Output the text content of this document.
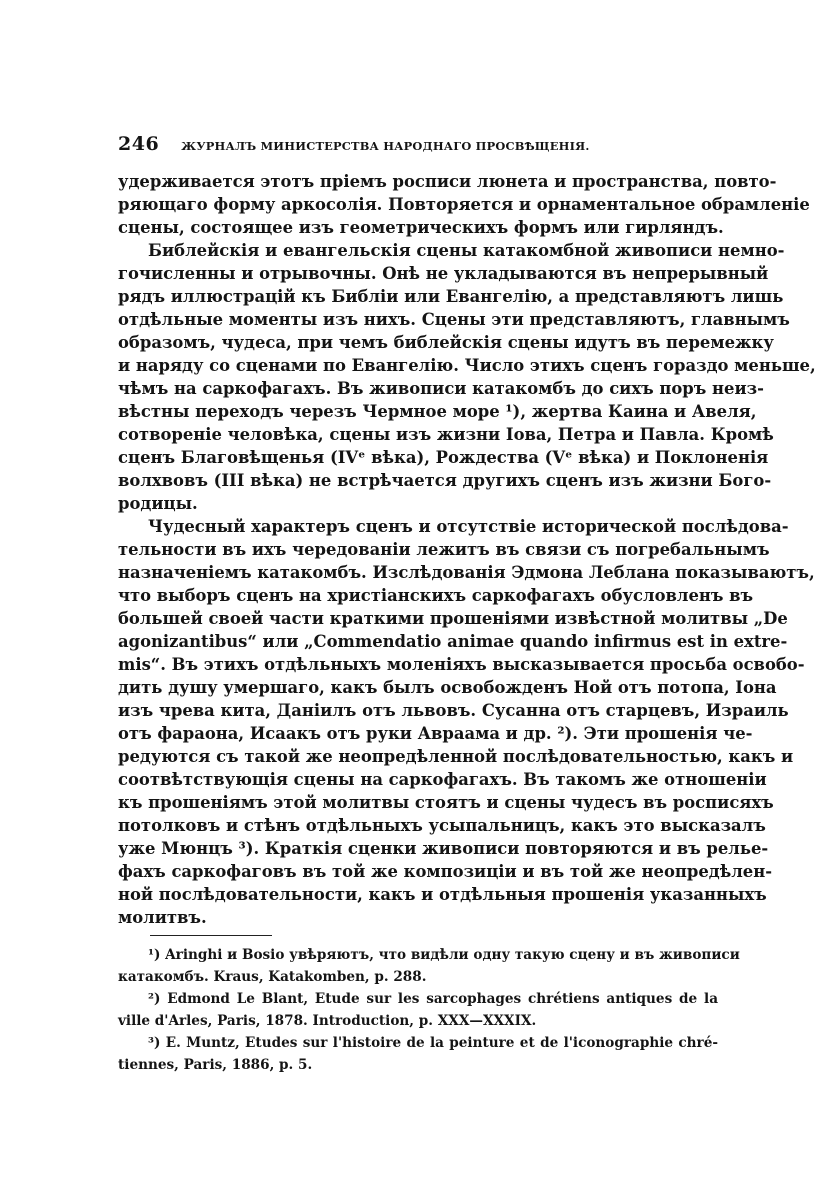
246 ЖУРНАЛЪ МИНИСТЕРСТВА НАРОДНАГО ПРОСВѢЩЕНІЯ.
удерживается этотъ пріемъ росписи люнета и пространства, повто-
ряющаго форму аркосолія. Повторяется и орнаментальное обрамленіе
сцены, состоящее изъ геометрическихъ формъ или гирляндъ.
Библейскія и евангельскія сцены катакомбной живописи немно-
гочисленны и отрывочны. Онѣ не укладываются въ непрерывный
рядъ иллюстрацій къ Библіи или Евангелію, а представляютъ лишь
отдѣльные моменты изъ нихъ. Сцены эти представляютъ, главнымъ
образомъ, чудеса, при чемъ библейскія сцены идутъ въ перемежку
и наряду со сценами по Евангелію. Число этихъ сценъ гораздо меньше,
чѣмъ на саркофагахъ. Въ живописи катакомбъ до сихъ поръ неиз-
вѣстны переходъ черезъ Чермное море ¹), жертва Каина и Авеля,
сотвореніе человѣка, сцены изъ жизни Іова, Петра и Павла. Кромѣ
сценъ Благовѣщенья (IVᵉ вѣка), Рождества (Vᵉ вѣка) и Поклоненія
волхвовъ (III вѣка) не встрѣчается другихъ сценъ изъ жизни Бого-
родицы.
Чудесный характеръ сценъ и отсутствіе исторической послѣдова-
тельности въ ихъ чередованіи лежитъ въ связи съ погребальнымъ
назначеніемъ катакомбъ. Изслѣдованія Эдмона Леблана показываютъ,
что выборъ сценъ на христіанскихъ саркофагахъ обусловленъ въ
большей своей части краткими прошеніями извѣстной молитвы „De
agonizantibus“ или „Commendatio animae quando infirmus est in extre-
mis“. Въ этихъ отдѣльныхъ моленіяхъ высказывается просьба освобо-
дить душу умершаго, какъ былъ освобожденъ Ной отъ потопа, Іона
изъ чрева кита, Даніилъ отъ львовъ. Сусанна отъ старцевъ, Израиль
отъ фараона, Исаакъ отъ руки Авраама и др. ²). Эти прошенія че-
редуются съ такой же неопредѣленной послѣдовательностью, какъ и
соотвѣтствующія сцены на саркофагахъ. Въ такомъ же отношеніи
къ прошеніямъ этой молитвы стоятъ и сцены чудесъ въ росписяхъ
потолковъ и стѣнъ отдѣльныхъ усыпальницъ, какъ это высказалъ
уже Мюнцъ ³). Краткія сценки живописи повторяются и въ релье-
фахъ саркофаговъ въ той же композиціи и въ той же неопредѣлен-
ной послѣдовательности, какъ и отдѣльныя прошенія указанныхъ
молитвъ.
¹) Aringhi и Bosio увѣряютъ, что видѣли одну такую сцену и въ живописи
катакомбъ. Kraus, Katakomben, p. 288.
²) Edmond Le Blant, Etude sur les sarcophages chrétiens antiques de la
ville d'Arles, Paris, 1878. Introduction, p. XXX—XXXIX.
³) E. Muntz, Etudes sur l'histoire de la peinture et de l'iconographie chré-
tiennes, Paris, 1886, p. 5.
